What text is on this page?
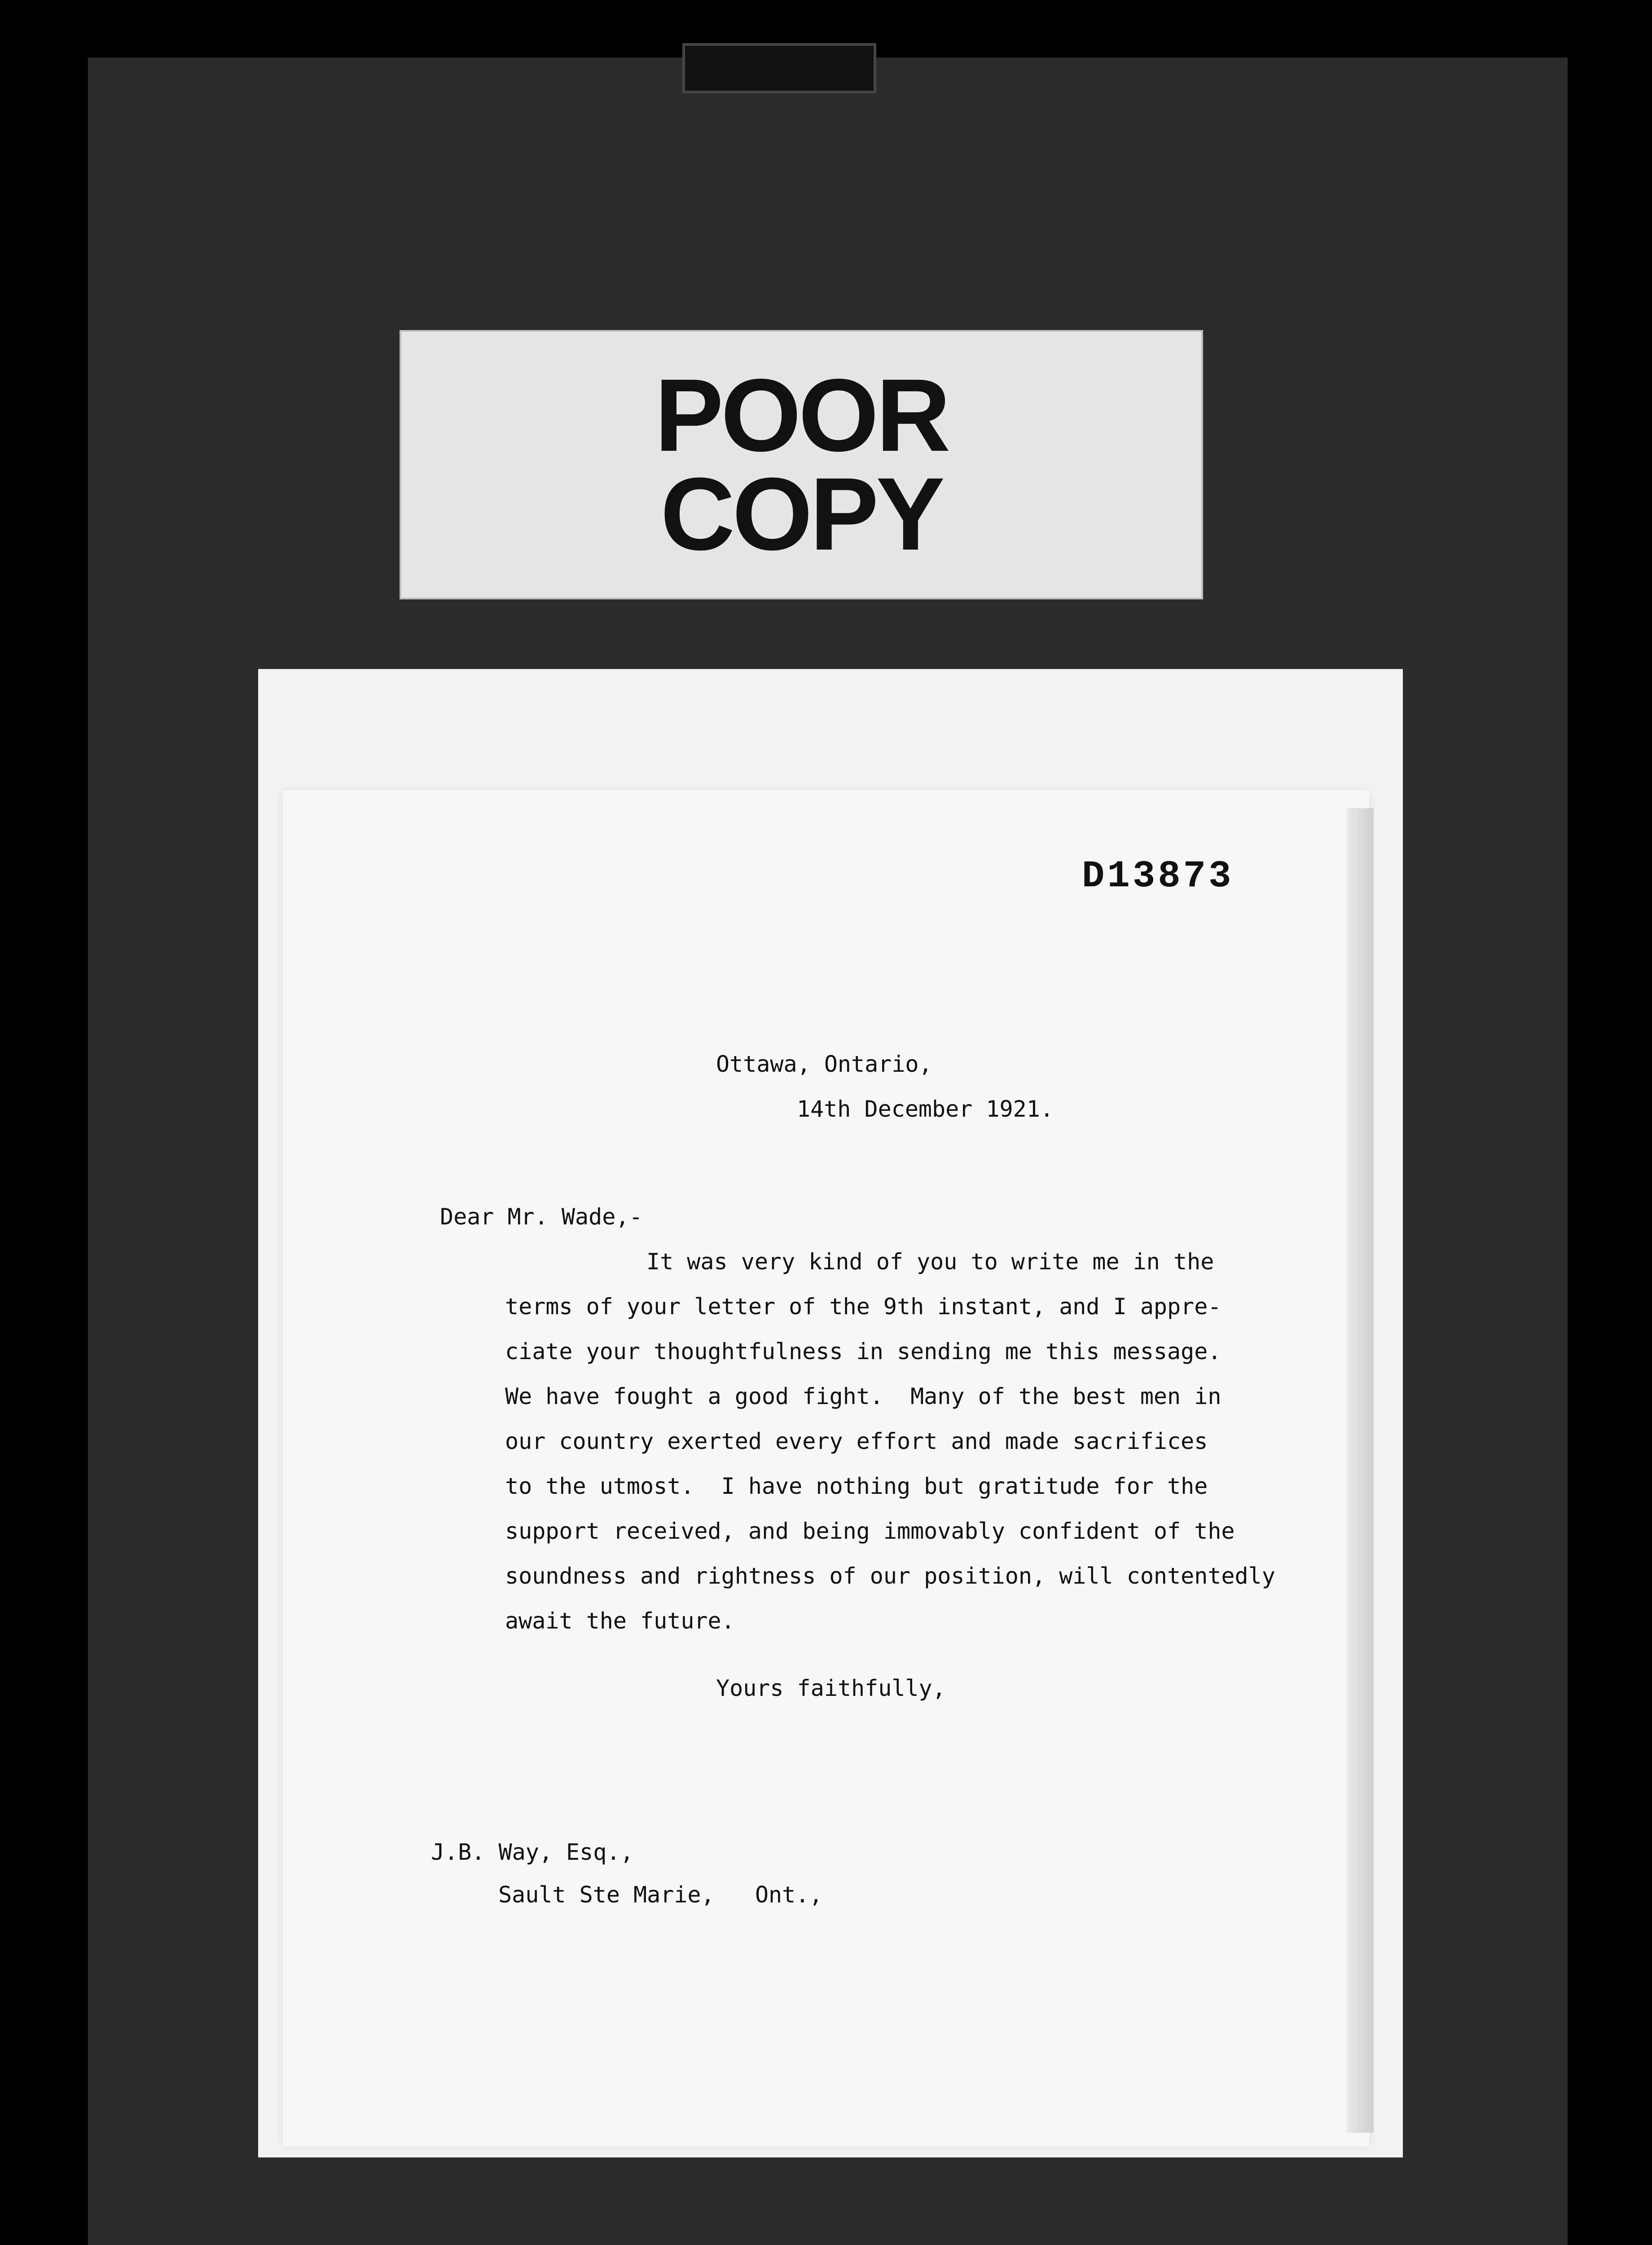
POOR
COPY
D13873
Ottawa, Ontario,
14th December 1921.
Dear Mr. Wade,-
It was very kind of you to write me in the
terms of your letter of the 9th instant, and I appre-
ciate your thoughtfulness in sending me this message.
We have fought a good fight.  Many of the best men in
our country exerted every effort and made sacrifices
to the utmost.  I have nothing but gratitude for the
support received, and being immovably confident of the
soundness and rightness of our position, will contentedly
await the future.
Yours faithfully,
J.B. Way, Esq.,
Sault Ste Marie,   Ont.,
